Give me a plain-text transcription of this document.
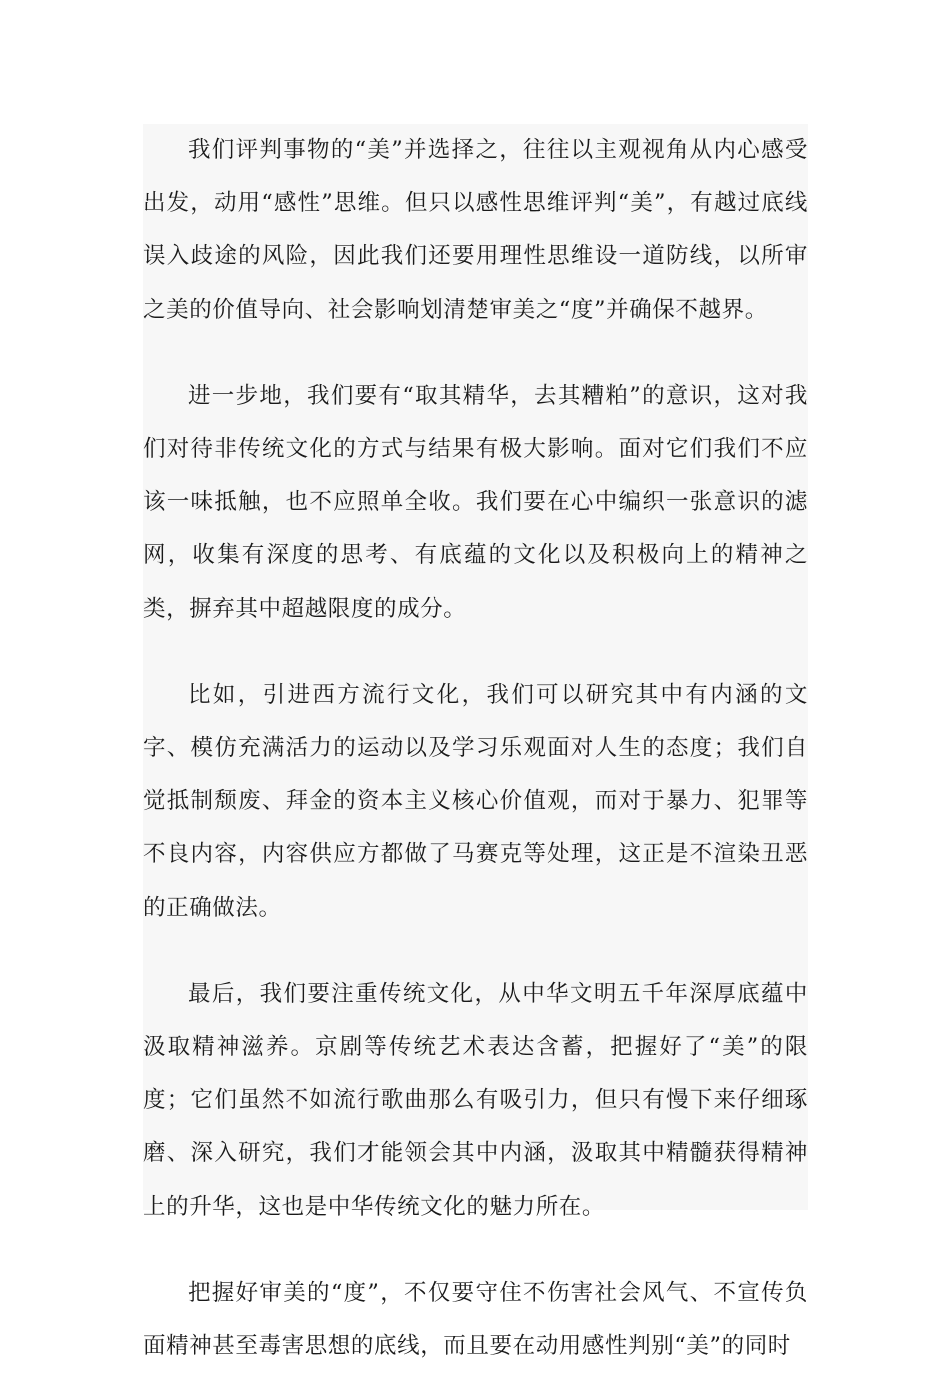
我们评判事物的“美”并选择之，往往以主观视角从内心感受出发，动用“感性”思维。但只以感性思维评判“美”，有越过底线误入歧途的风险，因此我们还要用理性思维设一道防线，以所审之美的价值导向、社会影响划清楚审美之“度”并确保不越界。

进一步地，我们要有“取其精华，去其糟粕”的意识，这对我们对待非传统文化的方式与结果有极大影响。面对它们我们不应该一味抵触，也不应照单全收。我们要在心中编织一张意识的滤网，收集有深度的思考、有底蕴的文化以及积极向上的精神之类，摒弃其中超越限度的成分。

比如，引进西方流行文化，我们可以研究其中有内涵的文字、模仿充满活力的运动以及学习乐观面对人生的态度；我们自觉抵制颓废、拜金的资本主义核心价值观，而对于暴力、犯罪等不良内容，内容供应方都做了马赛克等处理，这正是不渲染丑恶的正确做法。

最后，我们要注重传统文化，从中华文明五千年深厚底蕴中汲取精神滋养。京剧等传统艺术表达含蓄，把握好了“美”的限度；它们虽然不如流行歌曲那么有吸引力，但只有慢下来仔细琢磨、深入研究，我们才能领会其中内涵，汲取其中精髓获得精神上的升华，这也是中华传统文化的魅力所在。

把握好审美的“度”，不仅要守住不伤害社会风气、不宣传负面精神甚至毒害思想的底线，而且要在动用感性判别“美”的同时
